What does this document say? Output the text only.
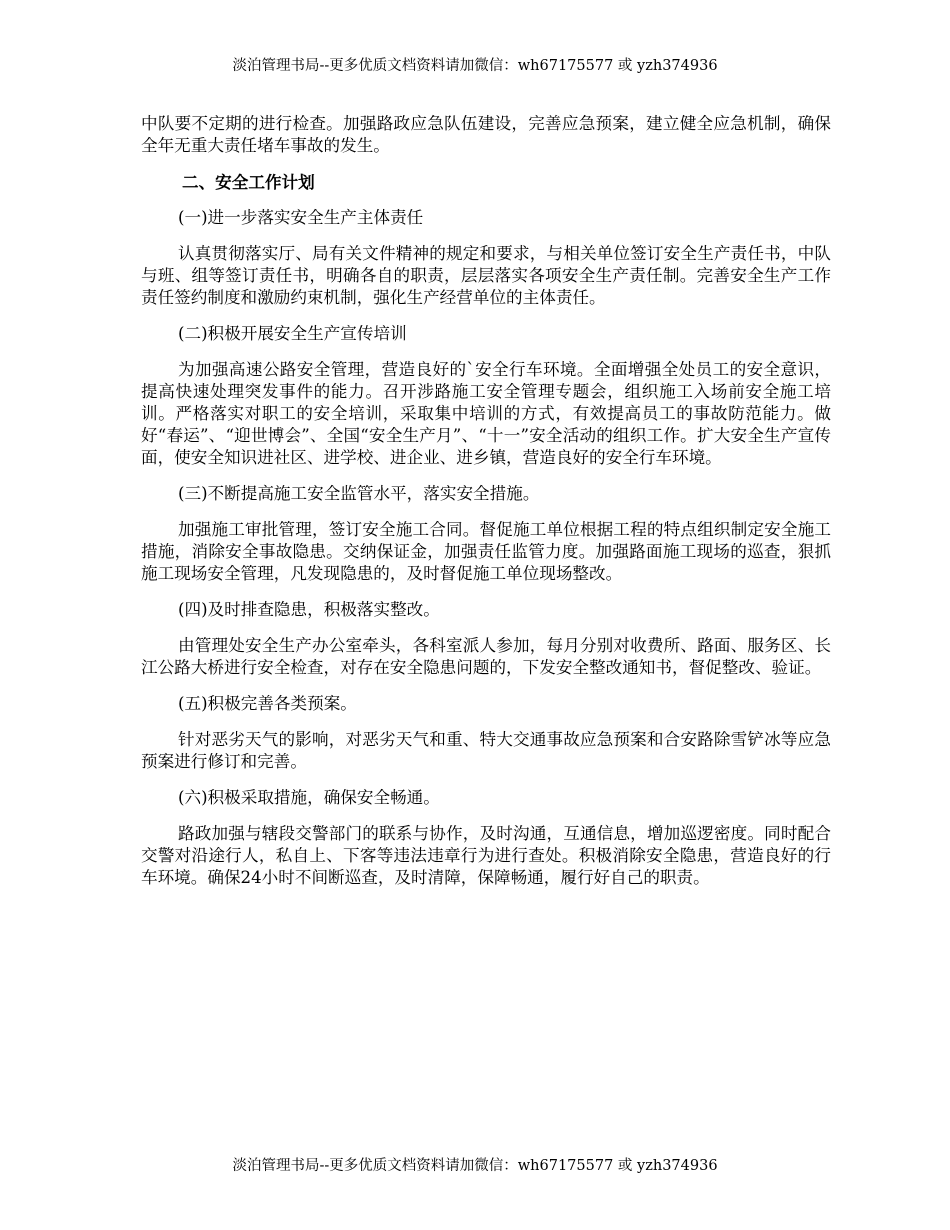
淡泊管理书局--更多优质文档资料请加微信：wh67175577 或 yzh374936

中队要不定期的进行检查。加强路政应急队伍建设，完善应急预案，建立健全应急机制，确保全年无重大责任堵车事故的发生。

二、安全工作计划

(一)进一步落实安全生产主体责任

认真贯彻落实厅、局有关文件精神的规定和要求，与相关单位签订安全生产责任书，中队与班、组等签订责任书，明确各自的职责，层层落实各项安全生产责任制。完善安全生产工作责任签约制度和激励约束机制，强化生产经营单位的主体责任。

(二)积极开展安全生产宣传培训

为加强高速公路安全管理，营造良好的`安全行车环境。全面增强全处员工的安全意识，提高快速处理突发事件的能力。召开涉路施工安全管理专题会，组织施工入场前安全施工培训。严格落实对职工的安全培训，采取集中培训的方式，有效提高员工的事故防范能力。做好“春运”、“迎世博会”、全国“安全生产月”、“十一”安全活动的组织工作。扩大安全生产宣传面，使安全知识进社区、进学校、进企业、进乡镇，营造良好的安全行车环境。

(三)不断提高施工安全监管水平，落实安全措施。

加强施工审批管理，签订安全施工合同。督促施工单位根据工程的特点组织制定安全施工措施，消除安全事故隐患。交纳保证金，加强责任监管力度。加强路面施工现场的巡查，狠抓施工现场安全管理，凡发现隐患的，及时督促施工单位现场整改。

(四)及时排查隐患，积极落实整改。

由管理处安全生产办公室牵头，各科室派人参加，每月分别对收费所、路面、服务区、长江公路大桥进行安全检查，对存在安全隐患问题的，下发安全整改通知书，督促整改、验证。

(五)积极完善各类预案。

针对恶劣天气的影响，对恶劣天气和重、特大交通事故应急预案和合安路除雪铲冰等应急预案进行修订和完善。

(六)积极采取措施，确保安全畅通。

路政加强与辖段交警部门的联系与协作，及时沟通，互通信息，增加巡逻密度。同时配合交警对沿途行人，私自上、下客等违法违章行为进行查处。积极消除安全隐患，营造良好的行车环境。确保24小时不间断巡查，及时清障，保障畅通，履行好自己的职责。

淡泊管理书局--更多优质文档资料请加微信：wh67175577 或 yzh374936
